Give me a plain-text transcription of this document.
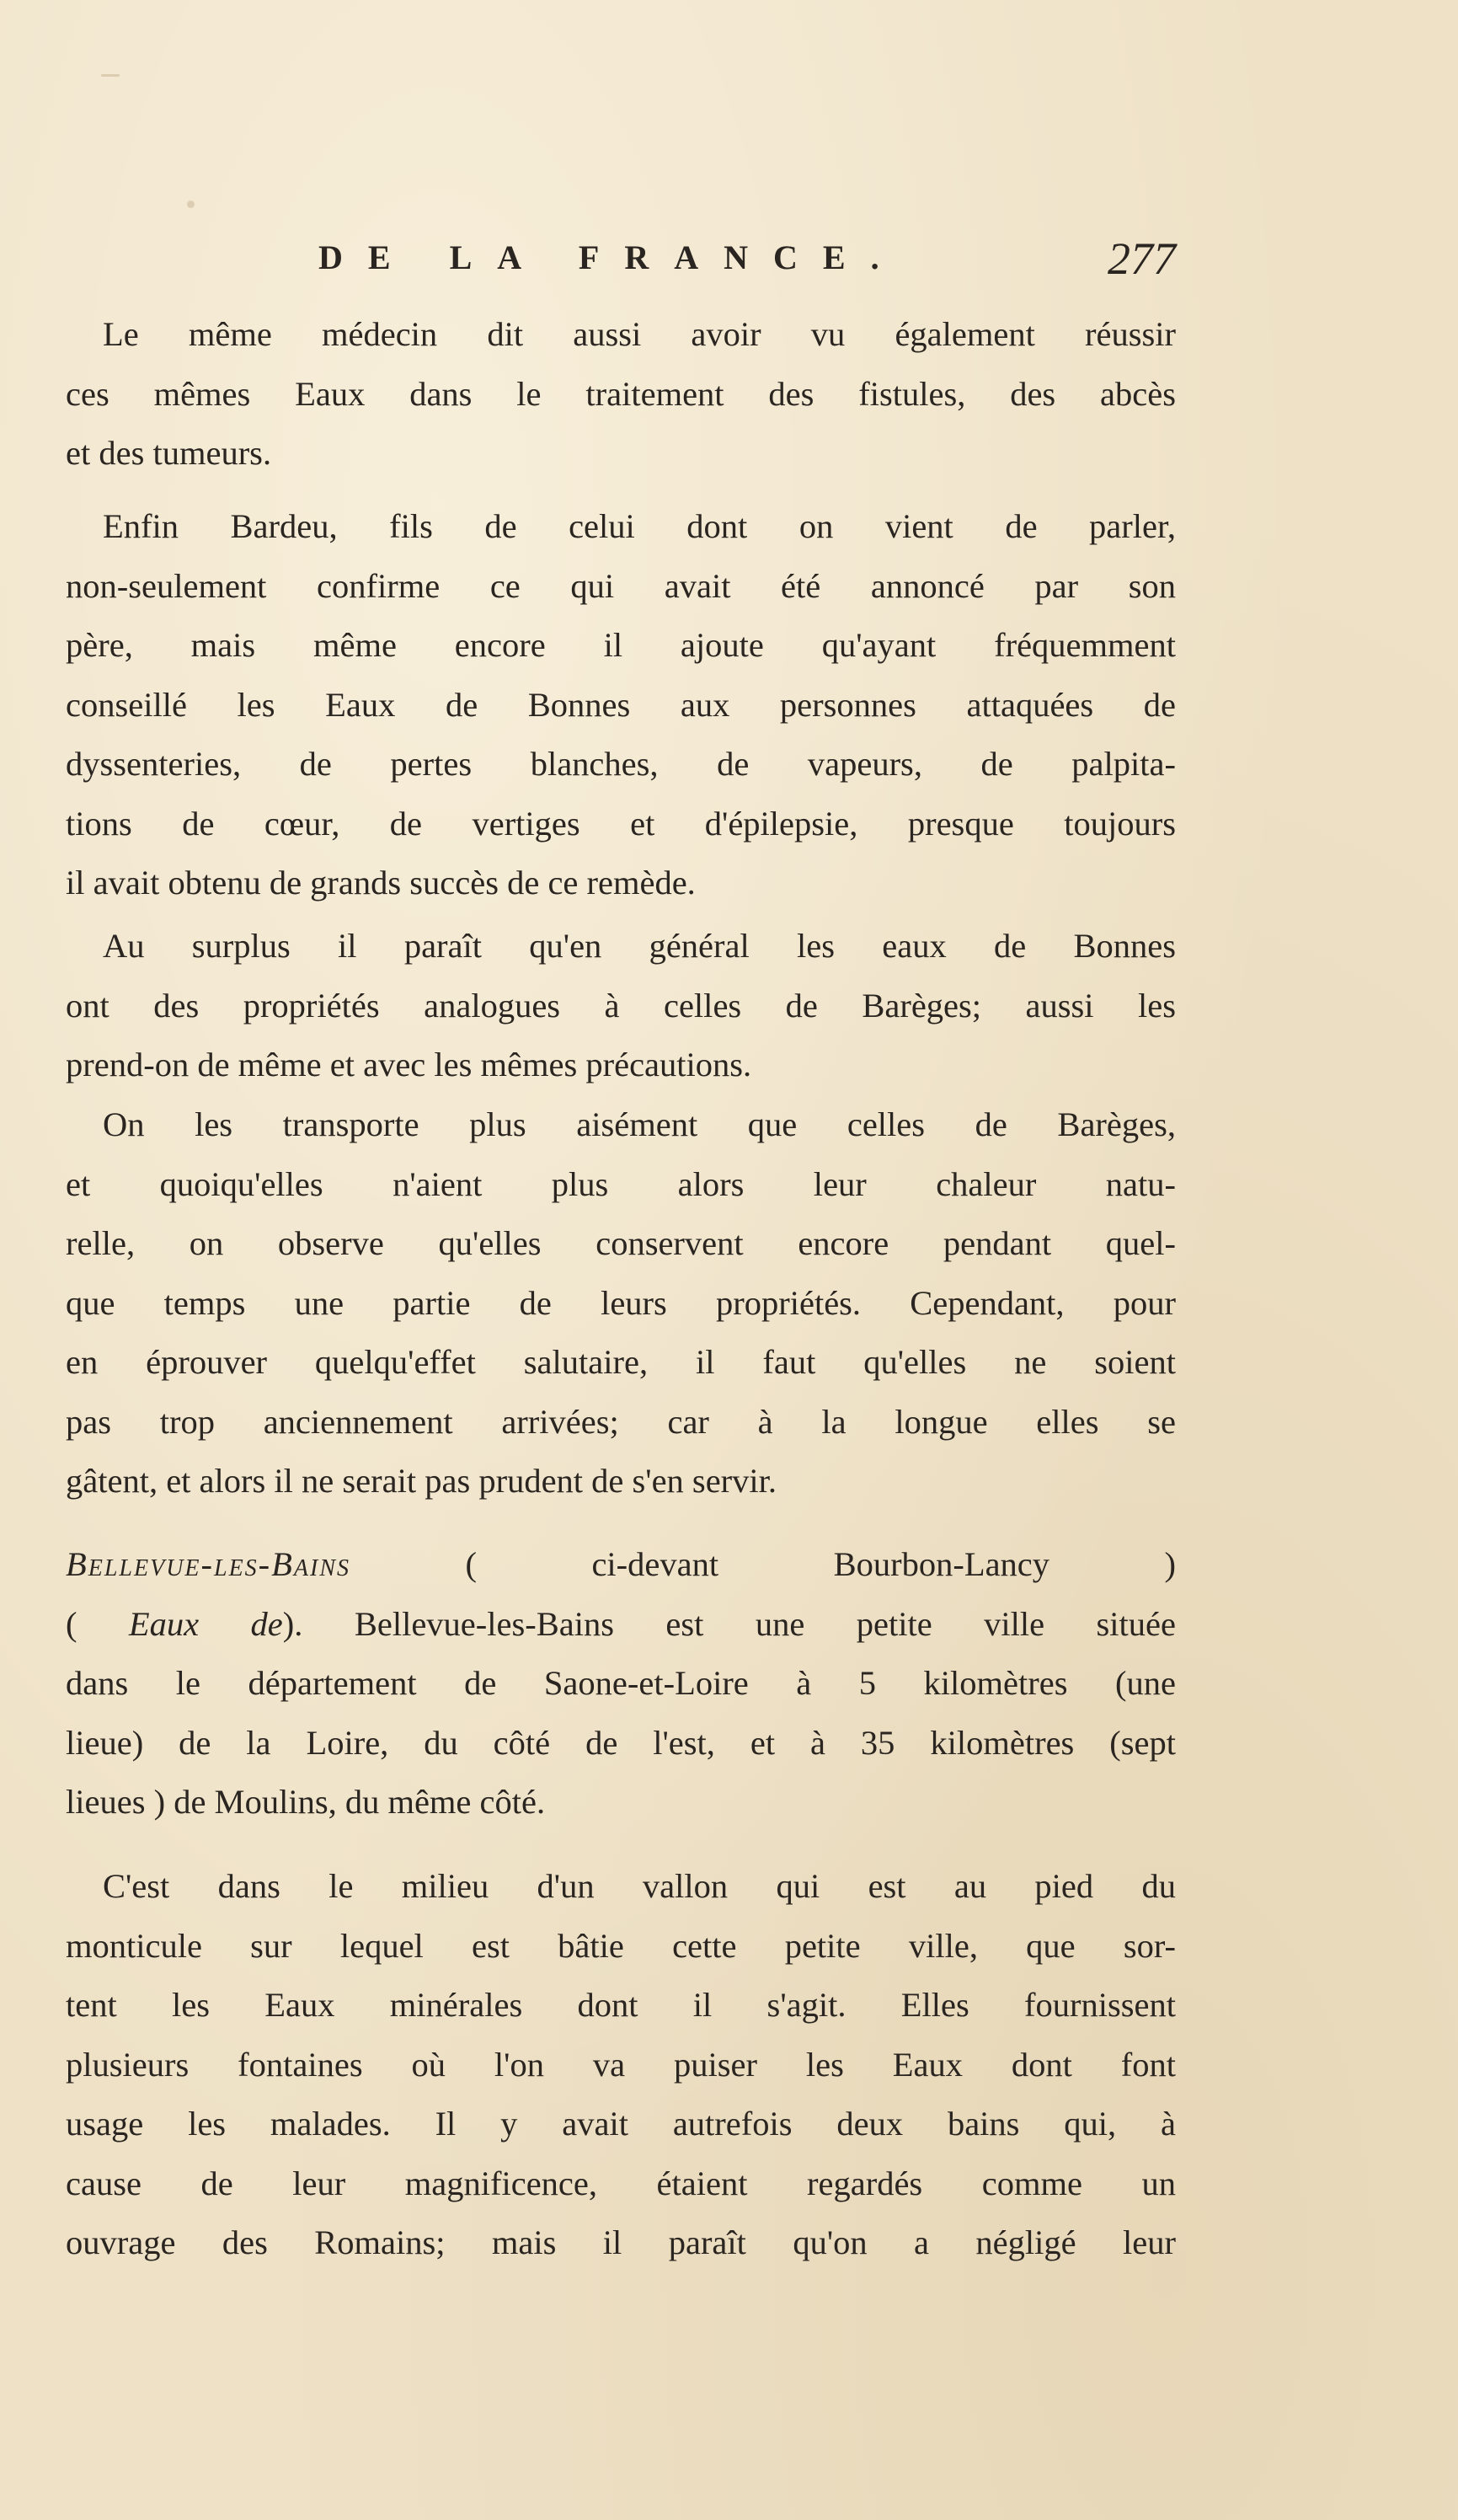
DE LA FRANCE.	277
Le même médecin dit aussi avoir vu également réussir
ces mêmes Eaux dans le traitement des fistules, des abcès
et des tumeurs.
Enfin Bardeu, fils de celui dont on vient de parler,
non-seulement confirme ce qui avait été annoncé par son
père, mais même encore il ajoute qu'ayant fréquemment
conseillé les Eaux de Bonnes aux personnes attaquées de
dyssenteries, de pertes blanches, de vapeurs, de palpita-
tions de cœur, de vertiges et d'épilepsie, presque toujours
il avait obtenu de grands succès de ce remède.
Au surplus il paraît qu'en général les eaux de Bonnes
ont des propriétés analogues à celles de Barèges; aussi les
prend-on de même et avec les mêmes précautions.
On les transporte plus aisément que celles de Barèges,
et quoiqu'elles n'aient plus alors leur chaleur natu-
relle, on observe qu'elles conservent encore pendant quel-
que temps une partie de leurs propriétés. Cependant, pour
en éprouver quelqu'effet salutaire, il faut qu'elles ne soient
pas trop anciennement arrivées; car à la longue elles se
gâtent, et alors il ne serait pas prudent de s'en servir.
Bellevue-les-Bains ( ci-devant Bourbon-Lancy )
( Eaux de). Bellevue-les-Bains est une petite ville située
dans le département de Saone-et-Loire à 5 kilomètres (une
lieue) de la Loire, du côté de l'est, et à 35 kilomètres (sept
lieues ) de Moulins, du même côté.
C'est dans le milieu d'un vallon qui est au pied du
monticule sur lequel est bâtie cette petite ville, que sor-
tent les Eaux minérales dont il s'agit. Elles fournissent
plusieurs fontaines où l'on va puiser les Eaux dont font
usage les malades. Il y avait autrefois deux bains qui, à
cause de leur magnificence, étaient regardés comme un
ouvrage des Romains; mais il paraît qu'on a négligé leur
